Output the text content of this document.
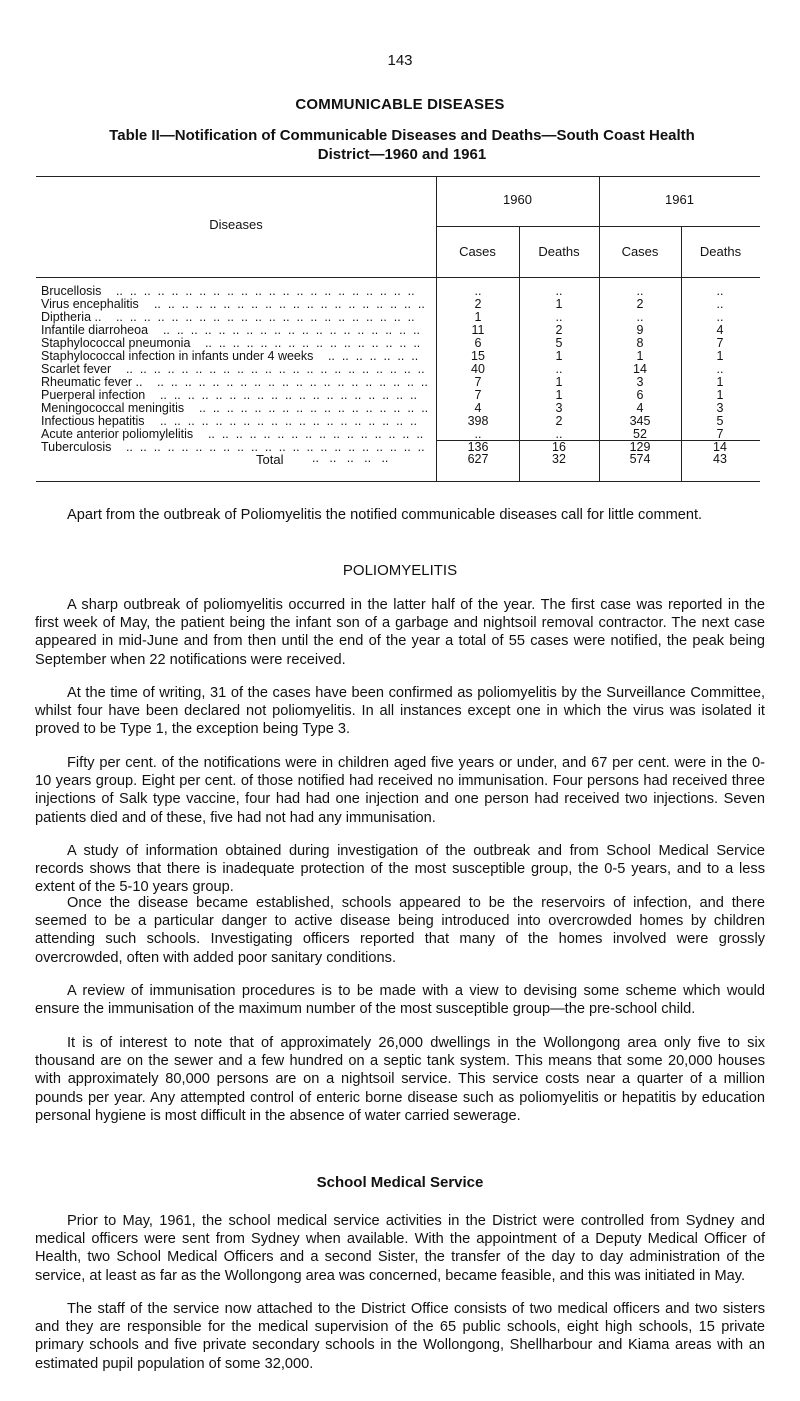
143
COMMUNICABLE DISEASES
Table II—Notification of Communicable Diseases and Deaths—South Coast Health
District—1960 and 1961
Diseases
1960	1961
Cases	Deaths	Cases	Deaths
Brucellosis ..  ..  ..  ..  ..  ..  ..  ..  ..  ..  ..  ..  ..  ..  ..  ..  ..  ..  ..  ..  ..  ..	..	..	..	..
Virus encephalitis ..  ..  ..  ..  ..  ..  ..  ..  ..  ..  ..  ..  ..  ..  ..  ..  ..  ..  ..  ..	2	1	2	..
Diptheria .. ..  ..  ..  ..  ..  ..  ..  ..  ..  ..  ..  ..  ..  ..  ..  ..  ..  ..  ..  ..  ..  ..	1	..	..	..
Infantile diarroheoa ..  ..  ..  ..  ..  ..  ..  ..  ..  ..  ..  ..  ..  ..  ..  ..  ..  ..  ..	11	2	9	4
Staphylococcal pneumonia ..  ..  ..  ..  ..  ..  ..  ..  ..  ..  ..  ..  ..  ..  ..  ..	6	5	8	7
Staphylococcal infection in infants under 4 weeks ..  ..  ..  ..  ..  ..  ..	15	1	1	1
Scarlet fever ..  ..  ..  ..  ..  ..  ..  ..  ..  ..  ..  ..  ..  ..  ..  ..  ..  ..  ..  ..  ..  ..	40	..	14	..
Rheumatic fever .. ..  ..  ..  ..  ..  ..  ..  ..  ..  ..  ..  ..  ..  ..  ..  ..  ..  ..  ..  ..	7	1	3	1
Puerperal infection ..  ..  ..  ..  ..  ..  ..  ..  ..  ..  ..  ..  ..  ..  ..  ..  ..  ..  ..	7	1	6	1
Meningococcal meningitis ..  ..  ..  ..  ..  ..  ..  ..  ..  ..  ..  ..  ..  ..  ..  ..  ..	4	3	4	3
Infectious hepatitis ..  ..  ..  ..  ..  ..  ..  ..  ..  ..  ..  ..  ..  ..  ..  ..  ..  ..  ..	398	2	345	5
Acute anterior poliomylelitis ..  ..  ..  ..  ..  ..  ..  ..  ..  ..  ..  ..  ..  ..  ..  ..	..	..	52	7
Tuberculosis ..  ..  ..  ..  ..  ..  ..  ..  ..  ..  ..  ..  ..  ..  ..  ..  ..  ..  ..  ..  ..  ..	136	16	129	14
Total ..   ..   ..   ..   ..	627	32	574	43

Apart from the outbreak of Poliomyelitis the notified communicable diseases call for little comment.

POLIOMYELITIS

A sharp outbreak of poliomyelitis occurred in the latter half of the year. The first case was reported in the first week of May, the patient being the infant son of a garbage and nightsoil removal contractor. The next case appeared in mid-June and from then until the end of the year a total of 55 cases were notified, the peak being September when 22 notifications were received.

At the time of writing, 31 of the cases have been confirmed as poliomyelitis by the Surveillance Committee, whilst four have been declared not poliomyelitis. In all instances except one in which the virus was isolated it proved to be Type 1, the exception being Type 3.

Fifty per cent. of the notifications were in children aged five years or under, and 67 per cent. were in the 0-10 years group. Eight per cent. of those notified had received no immunisation. Four persons had received three injections of Salk type vaccine, four had had one injection and one person had received two injections. Seven patients died and of these, five had not had any immunisation.

A study of information obtained during investigation of the outbreak and from School Medical Service records shows that there is inadequate protection of the most susceptible group, the 0-5 years, and to a less extent of the 5-10 years group.

Once the disease became established, schools appeared to be the reservoirs of infection, and there seemed to be a particular danger to active disease being introduced into overcrowded homes by children attending such schools. Investigating officers reported that many of the homes involved were grossly overcrowded, often with added poor sanitary conditions.

A review of immunisation procedures is to be made with a view to devising some scheme which would ensure the immunisation of the maximum number of the most susceptible group—the pre-school child.

It is of interest to note that of approximately 26,000 dwellings in the Wollongong area only five to six thousand are on the sewer and a few hundred on a septic tank system. This means that some 20,000 houses with approximately 80,000 persons are on a nightsoil service. This service costs near a quarter of a million pounds per year. Any attempted control of enteric borne disease such as poliomyelitis or hepatitis by education personal hygiene is most difficult in the absence of water carried sewerage.

School Medical Service

Prior to May, 1961, the school medical service activities in the District were controlled from Sydney and medical officers were sent from Sydney when available. With the appointment of a Deputy Medical Officer of Health, two School Medical Officers and a second Sister, the transfer of the day to day administration of the service, at least as far as the Wollongong area was concerned, became feasible, and this was initiated in May.

The staff of the service now attached to the District Office consists of two medical officers and two sisters and they are responsible for the medical supervision of the 65 public schools, eight high schools, 15 private primary schools and five private secondary schools in the Wollongong, Shellharbour and Kiama areas with an estimated pupil population of some 32,000.
